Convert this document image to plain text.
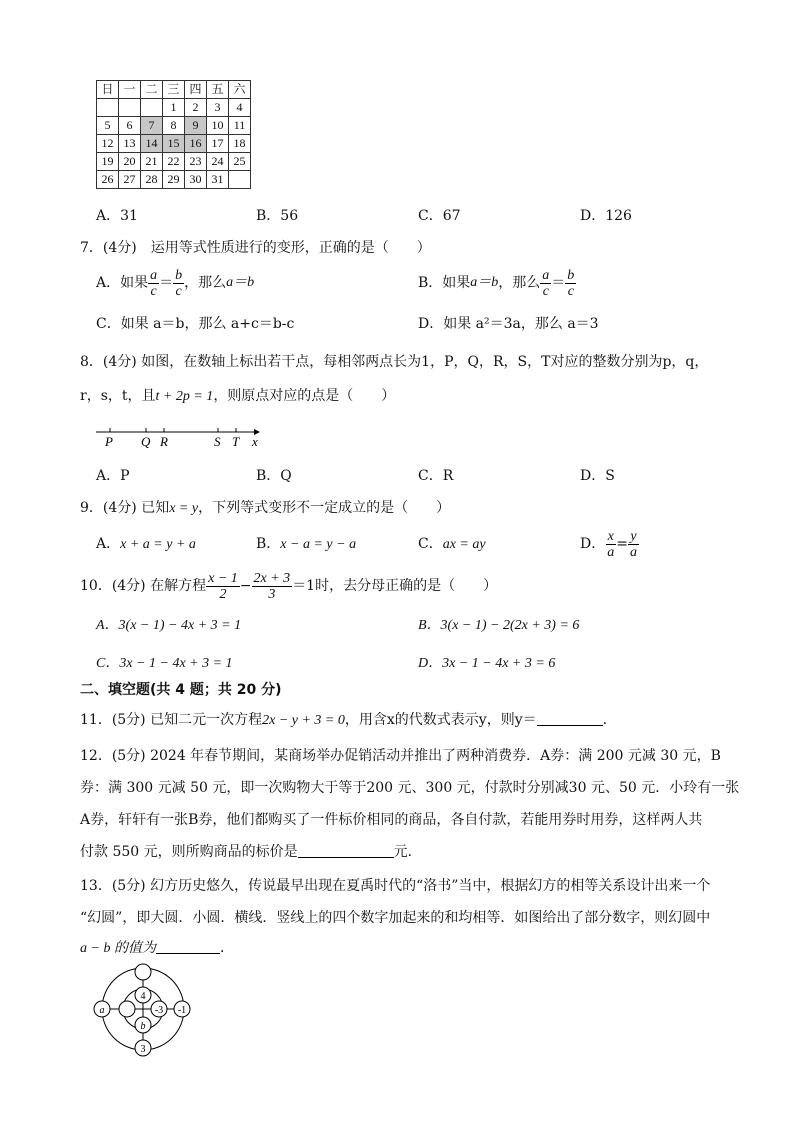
日	一	二	三	四	五	六
			1	2	3	4
5	6	7	8	9	10	11
12	13	14	15	16	17	18
19	20	21	22	23	24	25
26	27	28	29	30	31	
A．31	B．56	C．67	D．126
7．(4分)　运用等式性质进行的变形，正确的是（　　）
A．如果 $\frac{a}{c} = \frac{b}{c}$ ，那么 a＝b	B．如果 a＝b ，那么 $\frac{a}{c} = \frac{b}{c}$
C．如果 a＝b，那么 a+c＝b-c	D．如果 a²＝3a，那么 a＝3
8．(4分) 如图，在数轴上标出若干点，每相邻两点长为1，P，Q，R，S，T对应的整数分别为p，q，
r，s，t，且t + 2p = 1，则原点对应的点是（　　）
P Q R	S T x
A．P	B．Q	C．R	D．S
9．(4分) 已知x = y，下列等式变形不一定成立的是（　　）
A．x + a = y + a	B．x − a = y − a	C．ax = ay	D． $\frac{x}{a} = \frac{y}{a}$
10．(4分) 在解方程 $\frac{x - 1}{2} - \frac{2x + 3}{3} =1$时，去分母正确的是（　　）
A．3(x − 1) − 4x + 3 = 1	B．3(x − 1) − 2(2x + 3) = 6
C．3x − 1 − 4x + 3 = 1	D．3x − 1 − 4x + 3 = 6
二、填空题(共 4 题；共 20 分)
11．(5分) 已知二元一次方程2x − y + 3 = 0，用含x的代数式表示y，则y＝	．
12．(5分) 2024 年春节期间，某商场举办促销活动并推出了两种消费券．A券：满 200 元减 30 元，B
券：满 300 元减 50 元，即一次购物大于等于200 元、300 元，付款时分别减30 元、50 元．小玲有一张
A券，轩轩有一张B券，他们都购买了一件标价相同的商品，各自付款，若能用券时用券，这样两人共
付款 550 元，则所购商品的标价是	元．
13．(5分) 幻方历史悠久，传说最早出现在夏禹时代的“洛书”当中，根据幻方的相等关系设计出来一个
“幻圆”，即大圆．小圆．横线．竖线上的四个数字加起来的和均相等．如图给出了部分数字，则幻圆中
a − b 的值为	．
4
a	-3 -1
b
3
